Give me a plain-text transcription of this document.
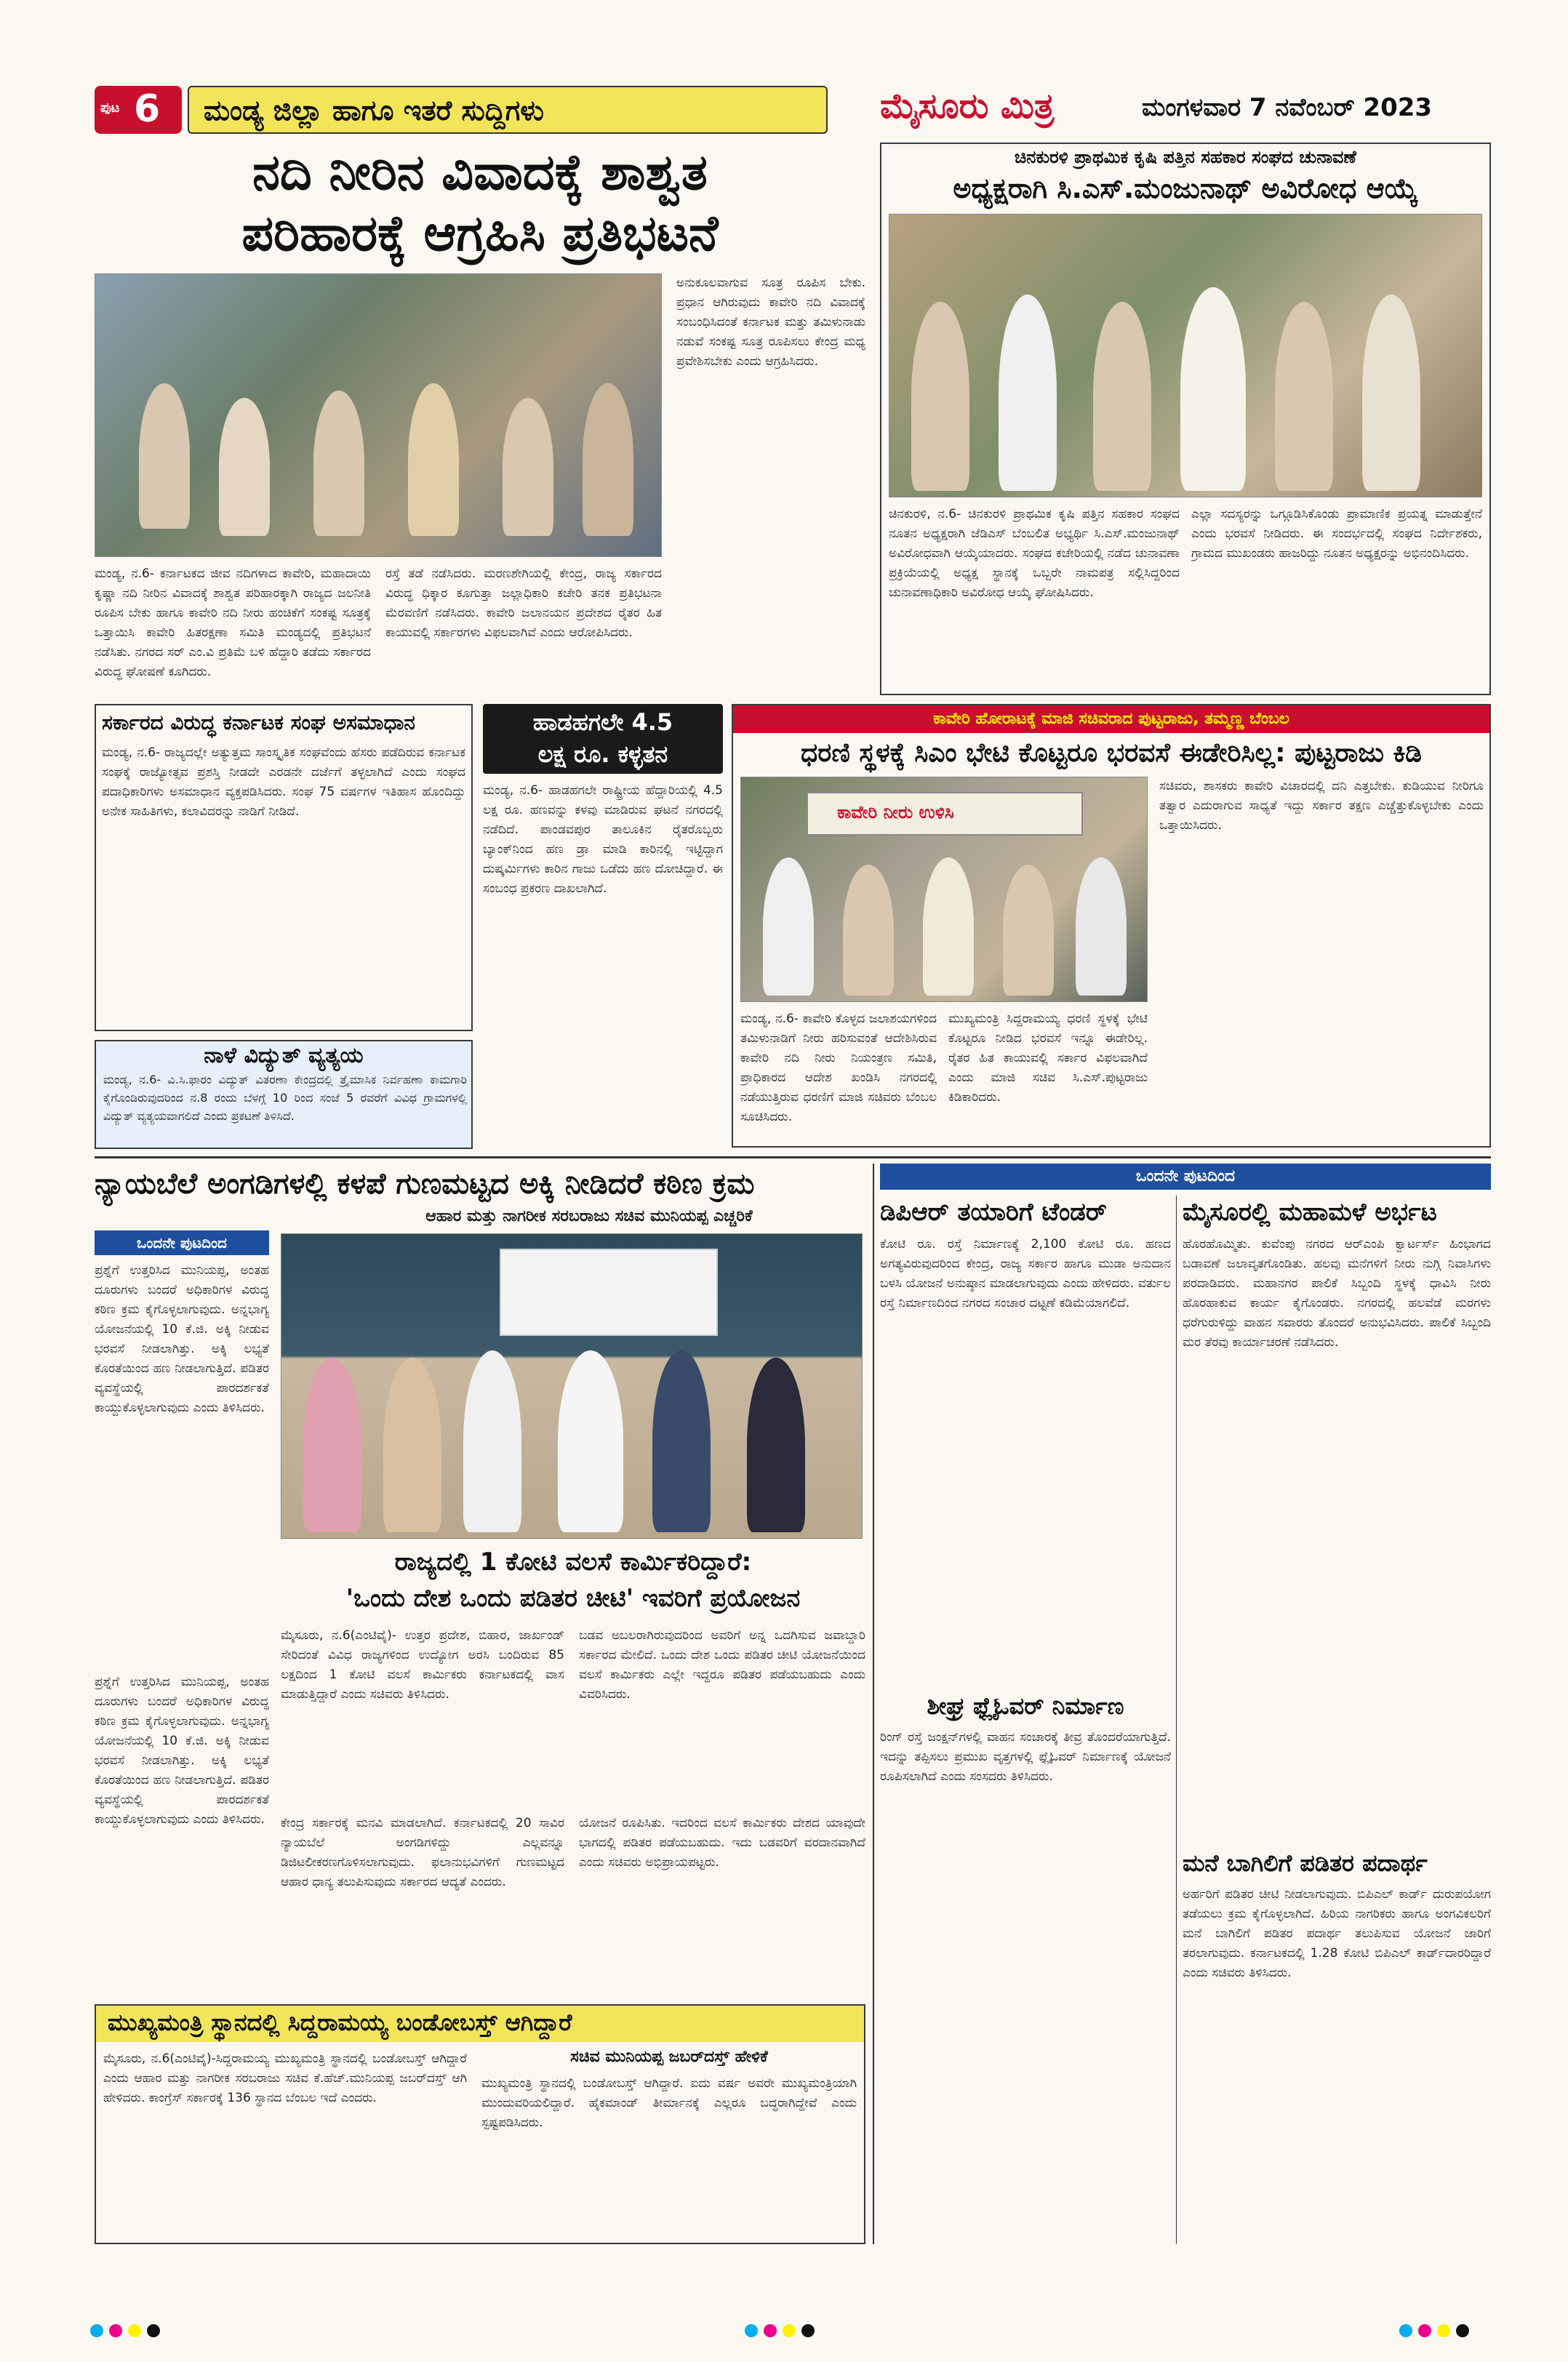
ಪುಟ 6 ಮಂಡ್ಯ ಜಿಲ್ಲಾ ಹಾಗೂ ಇತರೆ ಸುದ್ದಿಗಳು	ಮೈಸೂರು ಮಿತ್ರ	ಮಂಗಳವಾರ 7 ನವೆಂಬರ್ 2023
ನದಿ ನೀರಿನ ವಿವಾದಕ್ಕೆ ಶಾಶ್ವತ
ಪರಿಹಾರಕ್ಕೆ ಆಗ್ರಹಿಸಿ ಪ್ರತಿಭಟನೆ
ಮಂಡ್ಯ, ನ.6- ಕರ್ನಾಟಕದ ಜೀವ ನದಿಗಳಾದ ಕಾವೇರಿ, ಮಹಾದಾಯಿ ಕೃಷ್ಣಾ ನದಿ ನೀರಿನ ವಿವಾದಕ್ಕೆ ಶಾಶ್ವತ ಪರಿಹಾರಕ್ಕಾಗಿ ರಾಜ್ಯದ ಜಲನೀತಿ ರೂಪಿಸ ಬೇಕು ಹಾಗೂ ಕಾವೇರಿ ನದಿ ನೀರು ಹಂಚಿಕೆಗೆ ಸಂಕಷ್ಟ ಸೂತ್ರಕ್ಕೆ ಒತ್ತಾಯಿಸಿ ಕಾವೇರಿ ಹಿತರಕ್ಷಣಾ ಸಮಿತಿ ಮಂಡ್ಯದಲ್ಲಿ ಪ್ರತಿಭಟನೆ ನಡೆಸಿತು. ನಗರದ ಸರ್ ಎಂ.ವಿ ಪ್ರತಿಮೆ ಬಳಿ ಹೆದ್ದಾರಿ ತಡೆದು ಸರ್ಕಾರದ ವಿರುದ್ಧ ಘೋಷಣೆ ಕೂಗಿದರು.
ರಸ್ತೆ ತಡೆ ನಡೆಸಿದರು. ಮರಣಶೇಗಿಯಲ್ಲಿ ಕೇಂದ್ರ, ರಾಜ್ಯ ಸರ್ಕಾರದ ವಿರುದ್ಧ ಧಿಕ್ಕಾರ ಕೂಗುತ್ತಾ ಜಲ್ಲಾಧಿಕಾರಿ ಕಚೇರಿ ತನಕ ಪ್ರತಿಭಟನಾ ಮೆರವಣಿಗೆ ನಡೆಸಿದರು. ಕಾವೇರಿ ಜಲಾನಯನ ಪ್ರದೇಶದ ರೈತರ ಹಿತ ಕಾಯುವಲ್ಲಿ ಸರ್ಕಾರಗಳು ವಿಫಲವಾಗಿವೆ ಎಂದು ಆರೋಪಿಸಿದರು.
ಅನುಕೂಲವಾಗುವ ಸೂತ್ರ ರೂಪಿಸ ಬೇಕು. ಪ್ರಧಾನ ಆಗಿರುವುದು ಕಾವೇರಿ ನದಿ ವಿವಾದಕ್ಕೆ ಸಂಬಂಧಿಸಿದಂತೆ ಕರ್ನಾಟಕ ಮತ್ತು ತಮಿಳುನಾಡು ನಡುವೆ ಸಂಕಷ್ಟ ಸೂತ್ರ ರೂಪಿಸಲು ಕೇಂದ್ರ ಮಧ್ಯ ಪ್ರವೇಶಿಸಬೇಕು ಎಂದು ಆಗ್ರಹಿಸಿದರು.
ಚಿನಕುರಳಿ ಪ್ರಾಥಮಿಕ ಕೃಷಿ ಪತ್ತಿನ ಸಹಕಾರ ಸಂಘದ ಚುನಾವಣೆ
ಅಧ್ಯಕ್ಷರಾಗಿ ಸಿ.ಎಸ್.ಮಂಜುನಾಥ್ ಅವಿರೋಧ ಆಯ್ಕೆ
ಚಿನಕುರಳಿ, ನ.6- ಚಿನಕುರಳಿ ಪ್ರಾಥಮಿಕ ಕೃಷಿ ಪತ್ತಿನ ಸಹಕಾರ ಸಂಘದ ನೂತನ ಅಧ್ಯಕ್ಷರಾಗಿ ಜೆಡಿಎಸ್ ಬೆಂಬಲಿತ ಅಭ್ಯರ್ಥಿ ಸಿ.ಎಸ್.ಮಂಜುನಾಥ್ ಅವಿರೋಧವಾಗಿ ಆಯ್ಕೆಯಾದರು. ಸಂಘದ ಕಚೇರಿಯಲ್ಲಿ ನಡೆದ ಚುನಾವಣಾ ಪ್ರಕ್ರಿಯೆಯಲ್ಲಿ ಅಧ್ಯಕ್ಷ ಸ್ಥಾನಕ್ಕೆ ಒಬ್ಬರೇ ನಾಮಪತ್ರ ಸಲ್ಲಿಸಿದ್ದರಿಂದ ಚುನಾವಣಾಧಿಕಾರಿ ಅವಿರೋಧ ಆಯ್ಕೆ ಘೋಷಿಸಿದರು.
ಎಲ್ಲಾ ಸದಸ್ಯರನ್ನು ಒಗ್ಗೂಡಿಸಿಕೊಂಡು ಪ್ರಾಮಾಣಿಕ ಪ್ರಯತ್ನ ಮಾಡುತ್ತೇನೆ ಎಂದು ಭರವಸೆ ನೀಡಿದರು. ಈ ಸಂದರ್ಭದಲ್ಲಿ ಸಂಘದ ನಿರ್ದೇಶಕರು, ಗ್ರಾಮದ ಮುಖಂಡರು ಹಾಜರಿದ್ದು ನೂತನ ಅಧ್ಯಕ್ಷರನ್ನು ಅಭಿನಂದಿಸಿದರು.
ಸರ್ಕಾರದ ವಿರುದ್ಧ ಕರ್ನಾಟಕ ಸಂಘ ಅಸಮಾಧಾನ
ಮಂಡ್ಯ, ನ.6- ರಾಜ್ಯದಲ್ಲೇ ಅತ್ಯುತ್ತಮ ಸಾಂಸ್ಕೃತಿಕ ಸಂಘವೆಂದು ಹೆಸರು ಪಡೆದಿರುವ ಕರ್ನಾಟಕ ಸಂಘಕ್ಕೆ ರಾಜ್ಯೋತ್ಸವ ಪ್ರಶಸ್ತಿ ನೀಡದೇ ಎರಡನೇ ದರ್ಜೆಗೆ ತಳ್ಳಲಾಗಿದೆ ಎಂದು ಸಂಘದ ಪದಾಧಿಕಾರಿಗಳು ಅಸಮಾಧಾನ ವ್ಯಕ್ತಪಡಿಸಿದರು. ಸಂಘ 75 ವರ್ಷಗಳ ಇತಿಹಾಸ ಹೊಂದಿದ್ದು ಅನೇಕ ಸಾಹಿತಿಗಳು, ಕಲಾವಿದರನ್ನು ನಾಡಿಗೆ ನೀಡಿದೆ.
ಹಾಡಹಗಲೇ 4.5
ಲಕ್ಷ ರೂ. ಕಳ್ಳತನ
ಮಂಡ್ಯ, ನ.6- ಹಾಡಹಗಲೇ ರಾಷ್ಟ್ರೀಯ ಹೆದ್ದಾರಿಯಲ್ಲಿ 4.5 ಲಕ್ಷ ರೂ. ಹಣವನ್ನು ಕಳವು ಮಾಡಿರುವ ಘಟನೆ ನಗರದಲ್ಲಿ ನಡೆದಿದೆ. ಪಾಂಡವಪುರ ತಾಲೂಕಿನ ರೈತರೊಬ್ಬರು ಬ್ಯಾಂಕ್‌ನಿಂದ ಹಣ ಡ್ರಾ ಮಾಡಿ ಕಾರಿನಲ್ಲಿ ಇಟ್ಟಿದ್ದಾಗ ದುಷ್ಕರ್ಮಿಗಳು ಕಾರಿನ ಗಾಜು ಒಡೆದು ಹಣ ದೋಚಿದ್ದಾರೆ. ಈ ಸಂಬಂಧ ಪ್ರಕರಣ ದಾಖಲಾಗಿದೆ.
ನಾಳೆ ವಿದ್ಯುತ್ ವ್ಯತ್ಯಯ
ಮಂಡ್ಯ, ನ.6- ವಿ.ಸಿ.ಫಾರಂ ವಿದ್ಯುತ್ ವಿತರಣಾ ಕೇಂದ್ರದಲ್ಲಿ ತ್ರೈಮಾಸಿಕ ನಿರ್ವಹಣಾ ಕಾಮಗಾರಿ ಕೈಗೊಂಡಿರುವುದರಿಂದ ನ.8 ರಂದು ಬೆಳಗ್ಗೆ 10 ರಿಂದ ಸಂಜೆ 5 ರವರೆಗೆ ವಿವಿಧ ಗ್ರಾಮಗಳಲ್ಲಿ ವಿದ್ಯುತ್ ವ್ಯತ್ಯಯವಾಗಲಿದೆ ಎಂದು ಪ್ರಕಟಣೆ ತಿಳಿಸಿದೆ.
ಕಾವೇರಿ ಹೋರಾಟಕ್ಕೆ ಮಾಜಿ ಸಚಿವರಾದ ಪುಟ್ಟರಾಜು, ತಮ್ಮಣ್ಣ ಬೆಂಬಲ
ಧರಣಿ ಸ್ಥಳಕ್ಕೆ ಸಿಎಂ ಭೇಟಿ ಕೊಟ್ಟರೂ ಭರವಸೆ ಈಡೇರಿಸಿಲ್ಲ: ಪುಟ್ಟರಾಜು ಕಿಡಿ
ಕಾವೇರಿ ನೀರು ಉಳಿಸಿ
ಮಂಡ್ಯ, ನ.6- ಕಾವೇರಿ ಕೊಳ್ಳದ ಜಲಾಶಯಗಳಿಂದ ತಮಿಳುನಾಡಿಗೆ ನೀರು ಹರಿಸುವಂತೆ ಆದೇಶಿಸಿರುವ ಕಾವೇರಿ ನದಿ ನೀರು ನಿಯಂತ್ರಣ ಸಮಿತಿ, ಪ್ರಾಧಿಕಾರದ ಆದೇಶ ಖಂಡಿಸಿ ನಗರದಲ್ಲಿ ನಡೆಯುತ್ತಿರುವ ಧರಣಿಗೆ ಮಾಜಿ ಸಚಿವರು ಬೆಂಬಲ ಸೂಚಿಸಿದರು.
ಮುಖ್ಯಮಂತ್ರಿ ಸಿದ್ದರಾಮಯ್ಯ ಧರಣಿ ಸ್ಥಳಕ್ಕೆ ಭೇಟಿ ಕೊಟ್ಟರೂ ನೀಡಿದ ಭರವಸೆ ಇನ್ನೂ ಈಡೇರಿಲ್ಲ. ರೈತರ ಹಿತ ಕಾಯುವಲ್ಲಿ ಸರ್ಕಾರ ವಿಫಲವಾಗಿದೆ ಎಂದು ಮಾಜಿ ಸಚಿವ ಸಿ.ಎಸ್.ಪುಟ್ಟರಾಜು ಕಿಡಿಕಾರಿದರು.
ಸಚಿವರು, ಶಾಸಕರು ಕಾವೇರಿ ವಿಚಾರದಲ್ಲಿ ದನಿ ಎತ್ತಬೇಕು. ಕುಡಿಯುವ ನೀರಿಗೂ ತತ್ವಾರ ಎದುರಾಗುವ ಸಾಧ್ಯತೆ ಇದ್ದು ಸರ್ಕಾರ ತಕ್ಷಣ ಎಚ್ಚೆತ್ತುಕೊಳ್ಳಬೇಕು ಎಂದು ಒತ್ತಾಯಿಸಿದರು.
ನ್ಯಾಯಬೆಲೆ ಅಂಗಡಿಗಳಲ್ಲಿ ಕಳಪೆ ಗುಣಮಟ್ಟದ ಅಕ್ಕಿ ನೀಡಿದರೆ ಕಠಿಣ ಕ್ರಮ
ಆಹಾರ ಮತ್ತು ನಾಗರೀಕ ಸರಬರಾಜು ಸಚಿವ ಮುನಿಯಪ್ಪ ಎಚ್ಚರಿಕೆ
ಒಂದನೇ ಪುಟದಿಂದ
ಪ್ರಶ್ನೆಗೆ ಉತ್ತರಿಸಿದ ಮುನಿಯಪ್ಪ, ಅಂತಹ ದೂರುಗಳು ಬಂದರೆ ಅಧಿಕಾರಿಗಳ ವಿರುದ್ಧ ಕಠಿಣ ಕ್ರಮ ಕೈಗೊಳ್ಳಲಾಗುವುದು. ಅನ್ನಭಾಗ್ಯ ಯೋಜನೆಯಲ್ಲಿ 10 ಕೆ.ಜಿ. ಅಕ್ಕಿ ನೀಡುವ ಭರವಸೆ ನೀಡಲಾಗಿತ್ತು. ಅಕ್ಕಿ ಲಭ್ಯತೆ ಕೊರತೆಯಿಂದ ಹಣ ನೀಡಲಾಗುತ್ತಿದೆ. ಪಡಿತರ ವ್ಯವಸ್ಥೆಯಲ್ಲಿ ಪಾರದರ್ಶಕತೆ ಕಾಯ್ದುಕೊಳ್ಳಲಾಗುವುದು ಎಂದು ತಿಳಿಸಿದರು.
ರಾಜ್ಯದಲ್ಲಿ 1 ಕೋಟಿ ವಲಸೆ ಕಾರ್ಮಿಕರಿದ್ದಾರೆ:
'ಒಂದು ದೇಶ ಒಂದು ಪಡಿತರ ಚೀಟಿ' ಇವರಿಗೆ ಪ್ರಯೋಜನ
ಮೈಸೂರು, ನ.6(ಎಂಟಿವೈ)- ಉತ್ತರ ಪ್ರದೇಶ, ಬಿಹಾರ, ಜಾರ್ಖಂಡ್ ಸೇರಿದಂತೆ ವಿವಿಧ ರಾಜ್ಯಗಳಿಂದ ಉದ್ಯೋಗ ಅರಸಿ ಬಂದಿರುವ 85 ಲಕ್ಷದಿಂದ 1 ಕೋಟಿ ವಲಸೆ ಕಾರ್ಮಿಕರು ಕರ್ನಾಟಕದಲ್ಲಿ ವಾಸ ಮಾಡುತ್ತಿದ್ದಾರೆ ಎಂದು ಸಚಿವರು ತಿಳಿಸಿದರು.
ಬಡವ ಅಬಲರಾಗಿರುವುದರಿಂದ ಅವರಿಗೆ ಅನ್ನ ಒದಗಿಸುವ ಜವಾಬ್ದಾರಿ ಸರ್ಕಾರದ ಮೇಲಿದೆ. ಒಂದು ದೇಶ ಒಂದು ಪಡಿತರ ಚೀಟಿ ಯೋಜನೆಯಿಂದ ವಲಸೆ ಕಾರ್ಮಿಕರು ಎಲ್ಲೇ ಇದ್ದರೂ ಪಡಿತರ ಪಡೆಯಬಹುದು ಎಂದು ವಿವರಿಸಿದರು.
ಕೇಂದ್ರ ಸರ್ಕಾರಕ್ಕೆ ಮನವಿ ಮಾಡಲಾಗಿದೆ. ಕರ್ನಾಟಕದಲ್ಲಿ 20 ಸಾವಿರ ನ್ಯಾಯಬೆಲೆ ಅಂಗಡಿಗಳಿದ್ದು ಎಲ್ಲವನ್ನೂ ಡಿಜಿಟಲೀಕರಣಗೊಳಿಸಲಾಗುವುದು. ಫಲಾನುಭವಿಗಳಿಗೆ ಗುಣಮಟ್ಟದ ಆಹಾರ ಧಾನ್ಯ ತಲುಪಿಸುವುದು ಸರ್ಕಾರದ ಆದ್ಯತೆ ಎಂದರು.
ಯೋಜನೆ ರೂಪಿಸಿತು. ಇದರಿಂದ ವಲಸೆ ಕಾರ್ಮಿಕರು ದೇಶದ ಯಾವುದೇ ಭಾಗದಲ್ಲಿ ಪಡಿತರ ಪಡೆಯಬಹುದು. ಇದು ಬಡವರಿಗೆ ವರದಾನವಾಗಿದೆ ಎಂದು ಸಚಿವರು ಅಭಿಪ್ರಾಯಪಟ್ಟರು.
ಪ್ರಶ್ನೆಗೆ ಉತ್ತರಿಸಿದ ಮುನಿಯಪ್ಪ, ಅಂತಹ ದೂರುಗಳು ಬಂದರೆ ಅಧಿಕಾರಿಗಳ ವಿರುದ್ಧ ಕಠಿಣ ಕ್ರಮ ಕೈಗೊಳ್ಳಲಾಗುವುದು. ಅನ್ನಭಾಗ್ಯ ಯೋಜನೆಯಲ್ಲಿ 10 ಕೆ.ಜಿ. ಅಕ್ಕಿ ನೀಡುವ ಭರವಸೆ ನೀಡಲಾಗಿತ್ತು. ಅಕ್ಕಿ ಲಭ್ಯತೆ ಕೊರತೆಯಿಂದ ಹಣ ನೀಡಲಾಗುತ್ತಿದೆ. ಪಡಿತರ ವ್ಯವಸ್ಥೆಯಲ್ಲಿ ಪಾರದರ್ಶಕತೆ ಕಾಯ್ದುಕೊಳ್ಳಲಾಗುವುದು ಎಂದು ತಿಳಿಸಿದರು.
ಮುಖ್ಯಮಂತ್ರಿ ಸ್ಥಾನದಲ್ಲಿ ಸಿದ್ದರಾಮಯ್ಯ ಬಂಡೋಬಸ್ತ್ ಆಗಿದ್ದಾರೆ
ಮೈಸೂರು, ನ.6(ಎಂಟಿವೈ)-ಸಿದ್ದರಾಮಯ್ಯ ಮುಖ್ಯಮಂತ್ರಿ ಸ್ಥಾನದಲ್ಲಿ ಬಂಡೋಬಸ್ತ್ ಆಗಿದ್ದಾರೆ ಎಂದು ಆಹಾರ ಮತ್ತು ನಾಗರೀಕ ಸರಬರಾಜು ಸಚಿವ ಕೆ.ಹೆಚ್.ಮುನಿಯಪ್ಪ ಜಬರ್‌ದಸ್ತ್ ಆಗಿ ಹೇಳಿದರು. ಕಾಂಗ್ರೆಸ್ ಸರ್ಕಾರಕ್ಕೆ 136 ಸ್ಥಾನದ ಬೆಂಬಲ ಇದೆ ಎಂದರು.
ಸಚಿವ ಮುನಿಯಪ್ಪ ಜಬರ್‌ದಸ್ತ್ ಹೇಳಿಕೆ
ಮುಖ್ಯಮಂತ್ರಿ ಸ್ಥಾನದಲ್ಲಿ ಬಂಡೋಬಸ್ತ್ ಆಗಿದ್ದಾರೆ. ಐದು ವರ್ಷ ಅವರೇ ಮುಖ್ಯಮಂತ್ರಿಯಾಗಿ ಮುಂದುವರಿಯಲಿದ್ದಾರೆ. ಹೈಕಮಾಂಡ್ ತೀರ್ಮಾನಕ್ಕೆ ಎಲ್ಲರೂ ಬದ್ಧರಾಗಿದ್ದೇವೆ ಎಂದು ಸ್ಪಷ್ಟಪಡಿಸಿದರು.
ಒಂದನೇ ಪುಟದಿಂದ
ಡಿಪಿಆರ್ ತಯಾರಿಗೆ ಟೆಂಡರ್
ಕೋಟಿ ರೂ. ರಸ್ತೆ ನಿರ್ಮಾಣಕ್ಕೆ 2,100 ಕೋಟಿ ರೂ. ಹಣದ ಅಗತ್ಯವಿರುವುದರಿಂದ ಕೇಂದ್ರ, ರಾಜ್ಯ ಸರ್ಕಾರ ಹಾಗೂ ಮುಡಾ ಅನುದಾನ ಬಳಸಿ ಯೋಜನೆ ಅನುಷ್ಠಾನ ಮಾಡಲಾಗುವುದು ಎಂದು ಹೇಳಿದರು. ವರ್ತುಲ ರಸ್ತೆ ನಿರ್ಮಾಣದಿಂದ ನಗರದ ಸಂಚಾರ ದಟ್ಟಣೆ ಕಡಿಮೆಯಾಗಲಿದೆ.
ಶೀಘ್ರ ಫ್ಲೈಓವರ್ ನಿರ್ಮಾಣ
ರಿಂಗ್ ರಸ್ತೆ ಜಂಕ್ಷನ್‌ಗಳಲ್ಲಿ ವಾಹನ ಸಂಚಾರಕ್ಕೆ ತೀವ್ರ ತೊಂದರೆಯಾಗುತ್ತಿದೆ. ಇದನ್ನು ತಪ್ಪಿಸಲು ಪ್ರಮುಖ ವೃತ್ತಗಳಲ್ಲಿ ಫ್ಲೈಓವರ್ ನಿರ್ಮಾಣಕ್ಕೆ ಯೋಜನೆ ರೂಪಿಸಲಾಗಿದೆ ಎಂದು ಸಂಸದರು ತಿಳಿಸಿದರು.
ಮೈಸೂರಲ್ಲಿ ಮಹಾಮಳೆ ಅರ್ಭಟ
ಹೊರಹೊಮ್ಮಿತು. ಕುವೆಂಪು ನಗರದ ಆರ್‌ಎಂಪಿ ಕ್ವಾರ್ಟರ್ಸ್ ಹಿಂಭಾಗದ ಬಡಾವಣೆ ಜಲಾವೃತಗೊಂಡಿತು. ಹಲವು ಮನೆಗಳಿಗೆ ನೀರು ನುಗ್ಗಿ ನಿವಾಸಿಗಳು ಪರದಾಡಿದರು. ಮಹಾನಗರ ಪಾಲಿಕೆ ಸಿಬ್ಬಂದಿ ಸ್ಥಳಕ್ಕೆ ಧಾವಿಸಿ ನೀರು ಹೊರಹಾಕುವ ಕಾರ್ಯ ಕೈಗೊಂಡರು. ನಗರದಲ್ಲಿ ಹಲವೆಡೆ ಮರಗಳು ಧರೆಗುರುಳಿದ್ದು ವಾಹನ ಸವಾರರು ತೊಂದರೆ ಅನುಭವಿಸಿದರು. ಪಾಲಿಕೆ ಸಿಬ್ಬಂದಿ ಮರ ತೆರವು ಕಾರ್ಯಾಚರಣೆ ನಡೆಸಿದರು.
ಮನೆ ಬಾಗಿಲಿಗೆ ಪಡಿತರ ಪದಾರ್ಥ
ಅರ್ಹರಿಗೆ ಪಡಿತರ ಚೀಟಿ ನೀಡಲಾಗುವುದು. ಬಿಪಿಎಲ್ ಕಾರ್ಡ್ ದುರುಪಯೋಗ ತಡೆಯಲು ಕ್ರಮ ಕೈಗೊಳ್ಳಲಾಗಿದೆ. ಹಿರಿಯ ನಾಗರಿಕರು ಹಾಗೂ ಅಂಗವಿಕಲರಿಗೆ ಮನೆ ಬಾಗಿಲಿಗೆ ಪಡಿತರ ಪದಾರ್ಥ ತಲುಪಿಸುವ ಯೋಜನೆ ಜಾರಿಗೆ ತರಲಾಗುವುದು. ಕರ್ನಾಟಕದಲ್ಲಿ 1.28 ಕೋಟಿ ಬಿಪಿಎಲ್ ಕಾರ್ಡ್‌ದಾರರಿದ್ದಾರೆ ಎಂದು ಸಚಿವರು ತಿಳಿಸಿದರು.
